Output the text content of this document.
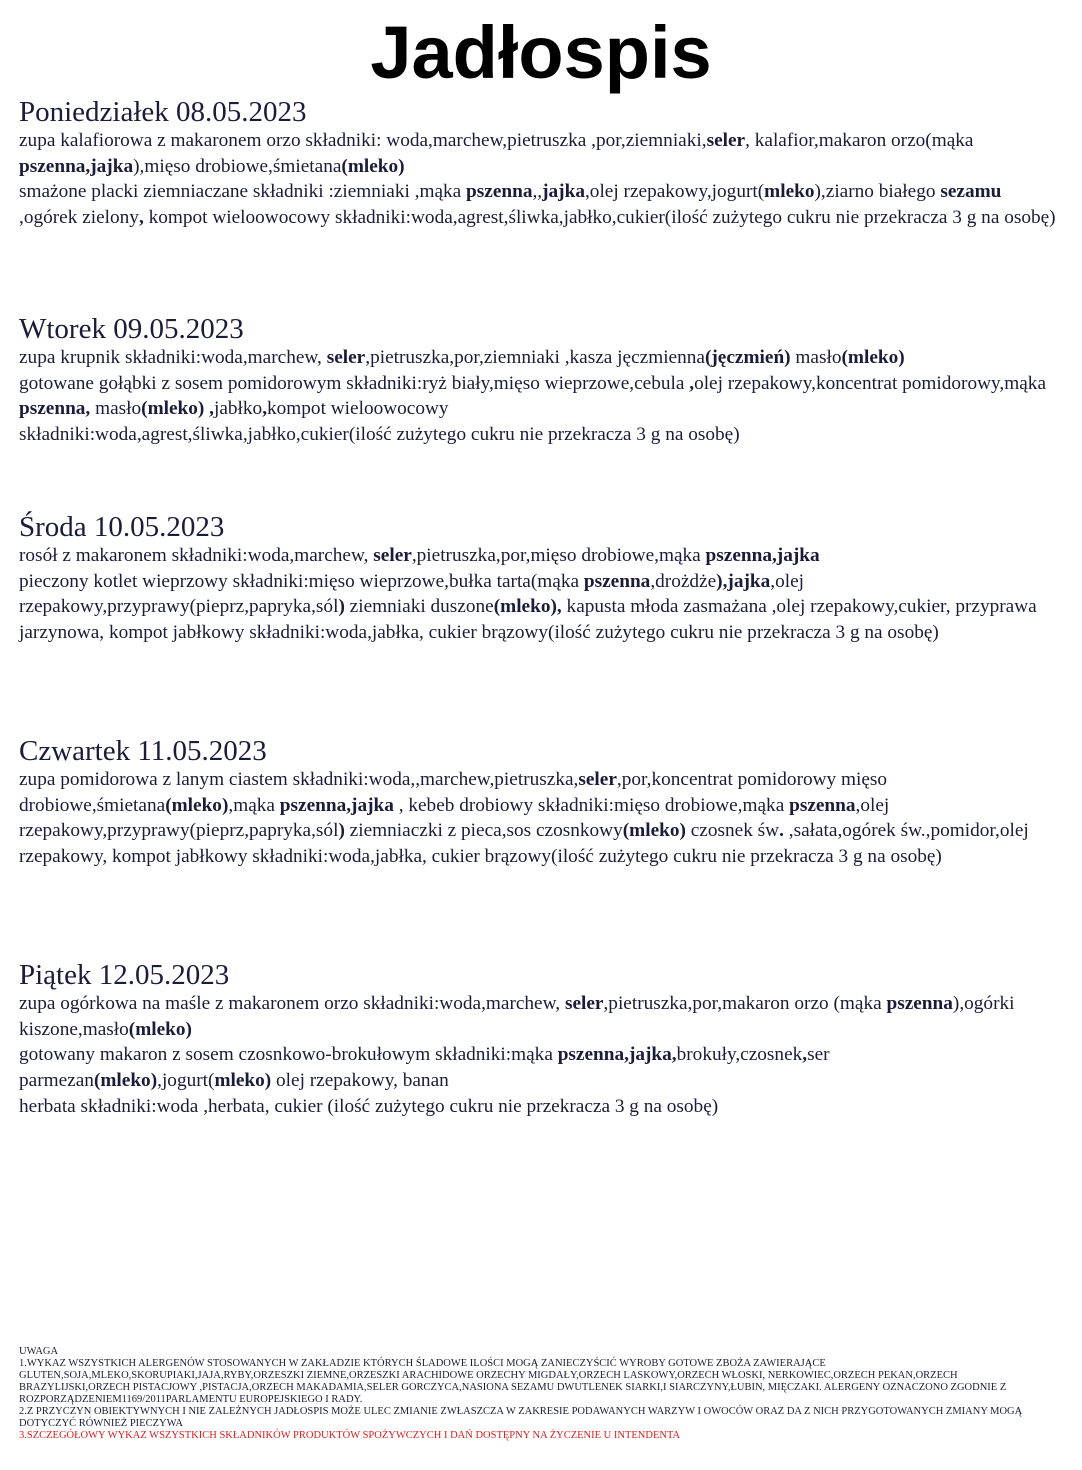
Jadłospis
Poniedziałek 08.05.2023

zupa kalafiorowa z makaronem orzo składniki: woda,marchew,pietruszka ,por,ziemniaki,seler, kalafior,makaron orzo(mąka pszenna,jajka),mięso drobiowe,śmietana(mleko)

smażone placki ziemniaczane składniki :ziemniaki ,mąka pszenna,,jajka,olej rzepakowy,jogurt(mleko),ziarno białego sezamu ,ogórek zielony, kompot wieloowocowy składniki:woda,agrest,śliwka,jabłko,cukier(ilość zużytego cukru nie przekracza 3 g na osobę)

Wtorek 09.05.2023

zupa krupnik składniki:woda,marchew, seler,pietruszka,por,ziemniaki ,kasza jęczmienna(jęczmień) masło(mleko)

gotowane gołąbki z sosem pomidorowym składniki:ryż biały,mięso wieprzowe,cebula ,olej rzepakowy,koncentrat pomidorowy,mąka pszenna, masło(mleko) ,jabłko,kompot wieloowocowy

składniki:woda,agrest,śliwka,jabłko,cukier(ilość zużytego cukru nie przekracza 3 g na osobę)

Środa 10.05.2023

rosół z makaronem składniki:woda,marchew, seler,pietruszka,por,mięso drobiowe,mąka pszenna,jajka

pieczony kotlet wieprzowy składniki:mięso wieprzowe,bułka tarta(mąka pszenna,drożdże),jajka,olej rzepakowy,przyprawy(pieprz,papryka,sól) ziemniaki duszone(mleko), kapusta młoda zasmażana ,olej rzepakowy,cukier, przyprawa jarzynowa, kompot jabłkowy składniki:woda,jabłka, cukier brązowy(ilość zużytego cukru nie przekracza 3 g na osobę)

Czwartek 11.05.2023

zupa pomidorowa z lanym ciastem składniki:woda,,marchew,pietruszka,seler,por,koncentrat pomidorowy mięso drobiowe,śmietana(mleko),mąka pszenna,jajka , kebeb drobiowy składniki:mięso drobiowe,mąka pszenna,olej rzepakowy,przyprawy(pieprz,papryka,sól) ziemniaczki z pieca,sos czosnkowy(mleko) czosnek św. ,sałata,ogórek św.,pomidor,olej rzepakowy, kompot jabłkowy składniki:woda,jabłka, cukier brązowy(ilość zużytego cukru nie przekracza 3 g na osobę)

Piątek 12.05.2023

zupa ogórkowa na maśle z makaronem orzo składniki:woda,marchew, seler,pietruszka,por,makaron orzo (mąka pszenna),ogórki kiszone,masło(mleko)

gotowany makaron z sosem czosnkowo-brokułowym składniki:mąka pszenna,jajka,brokuły,czosnek,ser parmezan(mleko),jogurt(mleko) olej rzepakowy, banan

herbata składniki:woda ,herbata, cukier (ilość zużytego cukru nie przekracza 3 g na osobę)

UWAGA
1.WYKAZ WSZYSTKICH ALERGENÓW STOSOWANYCH W ZAKŁADZIE KTÓRYCH ŚLADOWE ILOŚCI MOGĄ ZANIECZYŚCIĆ WYROBY GOTOWE ZBOŻA ZAWIERAJĄCE GLUTEN,SOJA,MLEKO,SKORUPIAKI,JAJA,RYBY,ORZESZKI ZIEMNE,ORZESZKI ARACHIDOWE ORZECHY MIGDAŁY,ORZECH LASKOWY,ORZECH WŁOSKI, NERKOWIEC,ORZECH PEKAN,ORZECH BRAZYLIJSKI,ORZECH PISTACJOWY ,PISTACJA,ORZECH MAKADAMIA,SELER GORCZYCA,NASIONA SEZAMU DWUTLENEK SIARKI,I SIARCZYNY,ŁUBIN, MIĘCZAKI. ALERGENY OZNACZONO ZGODNIE Z ROZPORZĄDZENIEM1169/2011PARLAMENTU EUROPEJSKIEGO I RADY.
2.Z PRZYCZYN OBIEKTYWNYCH I NIE ZALEŻNYCH JADŁOSPIS MOŻE ULEC ZMIANIE ZWŁASZCZA W ZAKRESIE PODAWANYCH WARZYW I OWOCÓW ORAZ DA Z NICH PRZYGOTOWANYCH ZMIANY MOGĄ DOTYCZYĆ RÓWNIEŻ PIECZYWA
3.SZCZEGÓŁOWY WYKAZ WSZYSTKICH SKŁADNIKÓW PRODUKTÓW SPOŻYWCZYCH I DAŃ DOSTĘPNY NA ŻYCZENIE U INTENDENTA
